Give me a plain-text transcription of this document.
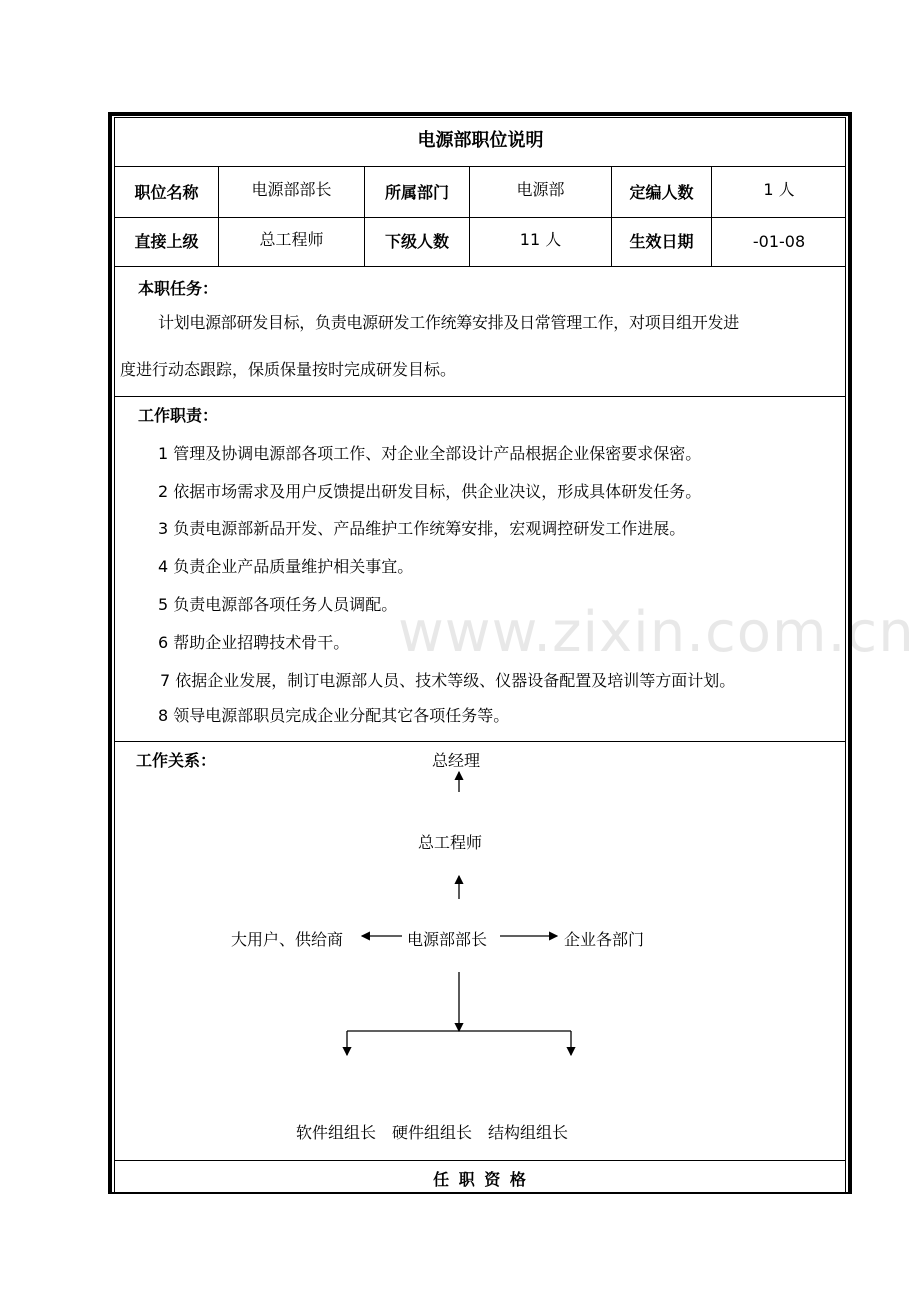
电源部职位说明
职位名称	电源部部长	所属部门	电源部	定编人数	1 人
直接上级	总工程师	下级人数	11 人	生效日期	-01-08
本职任务：
计划电源部研发目标，负责电源研发工作统筹安排及日常管理工作，对项目组开发进
度进行动态跟踪，保质保量按时完成研发目标。
工作职责：
1 管理及协调电源部各项工作、对企业全部设计产品根据企业保密要求保密。
2 依据市场需求及用户反馈提出研发目标，供企业决议，形成具体研发任务。
3 负责电源部新品开发、产品维护工作统筹安排，宏观调控研发工作进展。
4 负责企业产品质量维护相关事宜。
5 负责电源部各项任务人员调配。
6 帮助企业招聘技术骨干。
7 依据企业发展，制订电源部人员、技术等级、仪器设备配置及培训等方面计划。
8 领导电源部职员完成企业分配其它各项任务等。
工作关系：	总经理
总工程师
大用户、供给商	电源部部长	企业各部门
软件组组长　硬件组组长　结构组组长
任 职 资 格
www.zixin.com.cn
